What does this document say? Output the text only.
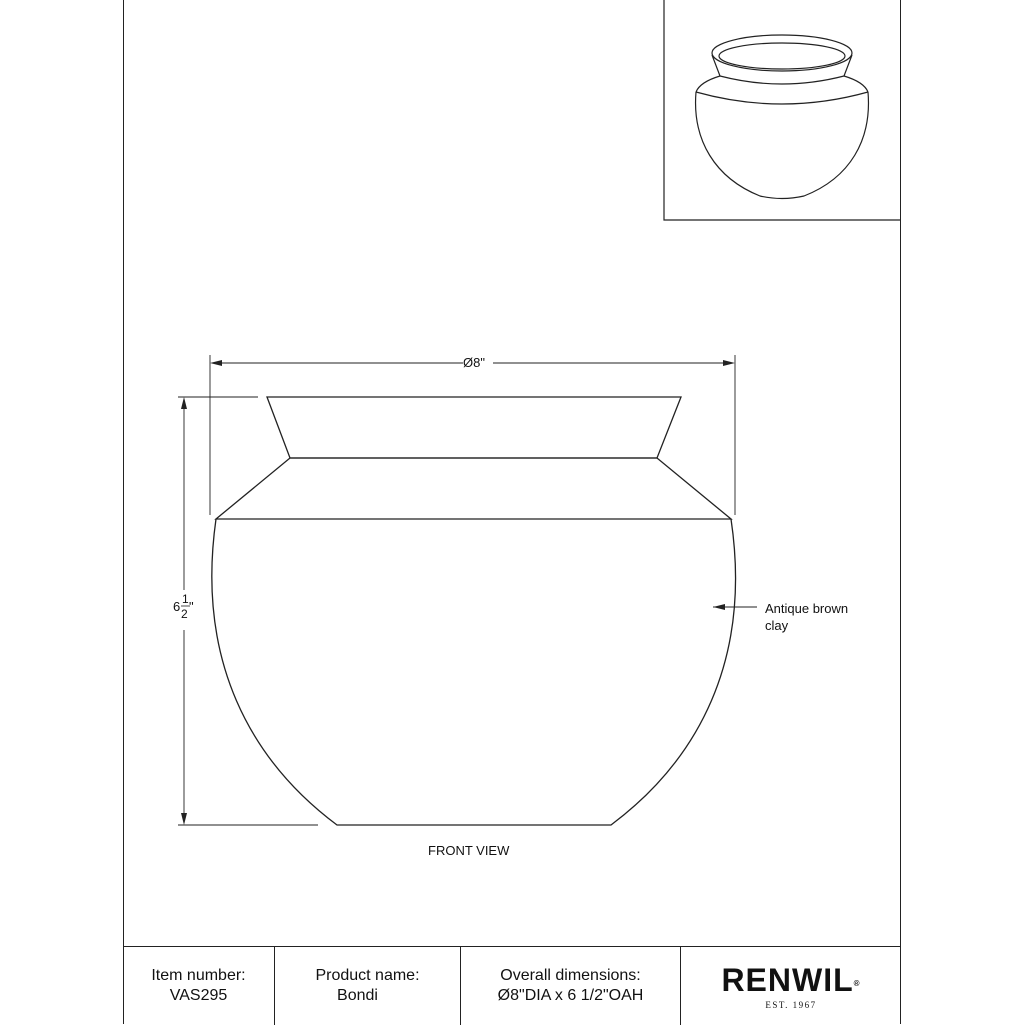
Ø8"
6 1
2 "	Antique brown
clay
FRONT VIEW
Item number:
VAS295
Product name:
Bondi
Overall dimensions:
Ø8"DIA x 6 1/2"OAH	RENWIL®
EST. 1967
